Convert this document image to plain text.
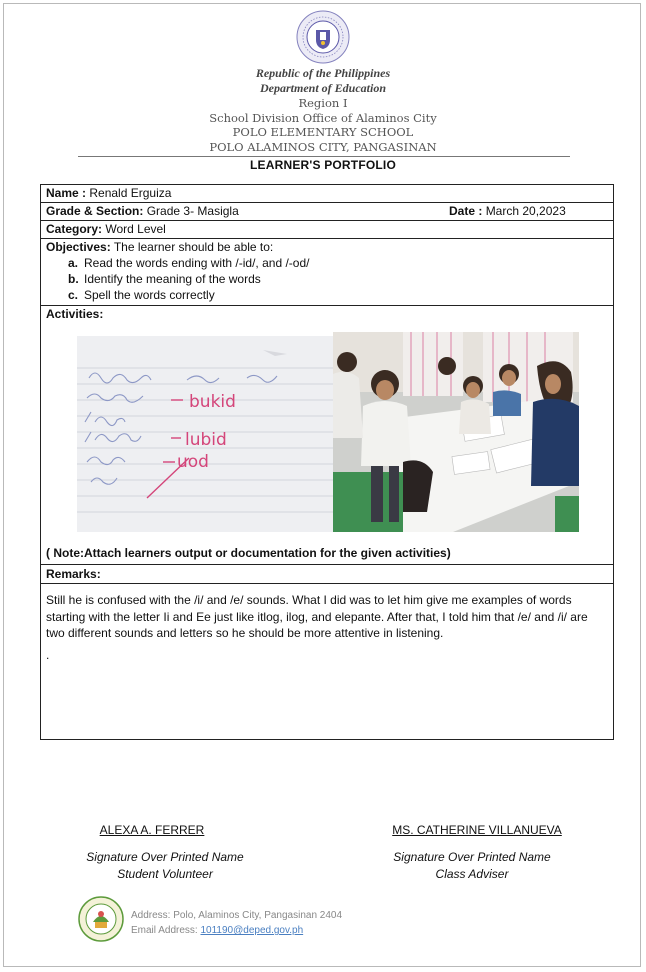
Republic of the Philippines
Department of Education
Region I
School Division Office of Alaminos City
POLO ELEMENTARY SCHOOL
POLO ALAMINOS CITY, PANGASINAN
LEARNER'S PORTFOLIO
Name : Renald Erguiza
Grade & Section: Grade 3- Masigla	Date : March 20,2023
Category: Word Level
Objectives: The learner should be able to:
a. Read the words ending with /-id/, and /-od/
b. Identify the meaning of the words
c. Spell the words correctly
Activities:
bukid
lubid
uod
( Note:Attach learners output or documentation for the given activities)
Remarks:
Still he is confused with the /i/ and /e/ sounds. What I did was to let him give me examples of words starting with the letter Ii and Ee just like itlog, ilog, and elepante. After that, I told him that /e/ and /i/ are two different sounds and letters so he should be more attentive in listening.
.
ALEXA A. FERRER
Signature Over Printed Name
Student Volunteer
MS. CATHERINE VILLANUEVA
Signature Over Printed Name
Class Adviser
Address: Polo, Alaminos City, Pangasinan 2404
Email Address: 101190@deped.gov.ph
